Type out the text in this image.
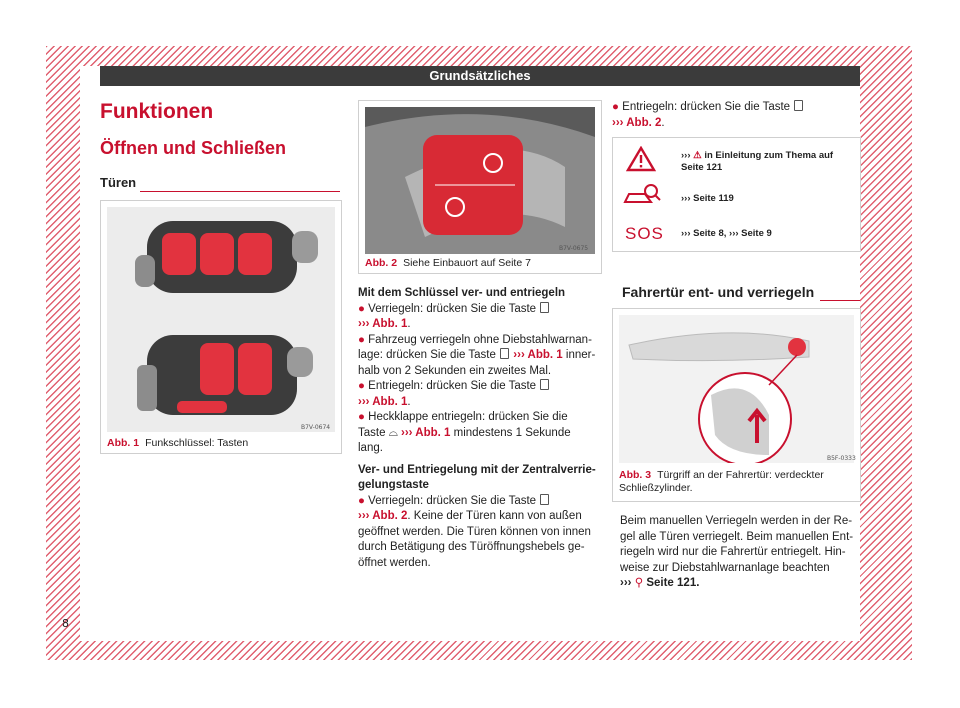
Grundsätzliches
Funktionen
Öffnen und Schließen
Türen
B7V-0674
Abb. 1 Funkschlüssel: Tasten
B7V-0675
Abb. 2 Siehe Einbauort auf Seite 7

Mit dem Schlüssel ver- und entriegeln

● Verriegeln: drücken Sie die Taste

››› Abb. 1.

● Fahrzeug verriegeln ohne Diebstahlwarnan-

lage: drücken Sie die Taste ››› Abb. 1 inner-

halb von 2 Sekunden ein zweites Mal.

● Entriegeln: drücken Sie die Taste

››› Abb. 1.

● Heckklappe entriegeln: drücken Sie die

Taste ⌓ ››› Abb. 1 mindestens 1 Sekunde

lang.

Ver- und Entriegelung mit der Zentralverrie-

gelungstaste

● Verriegeln: drücken Sie die Taste

››› Abb. 2. Keine der Türen kann von außen

geöffnet werden. Die Türen können von innen

durch Betätigung des Türöffnungshebels ge-

öffnet werden.

● Entriegeln: drücken Sie die Taste

››› Abb. 2.

››› ⚠ in Einleitung zum Thema auf
Seite 121
››› Seite 119
SOS ››› Seite 8, ››› Seite 9
Fahrertür ent- und verriegeln
B5F-0333
Abb. 3 Türgriff an der Fahrertür: verdeckter
Schließzylinder.

Beim manuellen Verriegeln werden in der Re-

gel alle Türen verriegelt. Beim manuellen Ent-

riegeln wird nur die Fahrertür entriegelt. Hin-

weise zur Diebstahlwarnanlage beachten

››› ⚲ Seite 121.

8
